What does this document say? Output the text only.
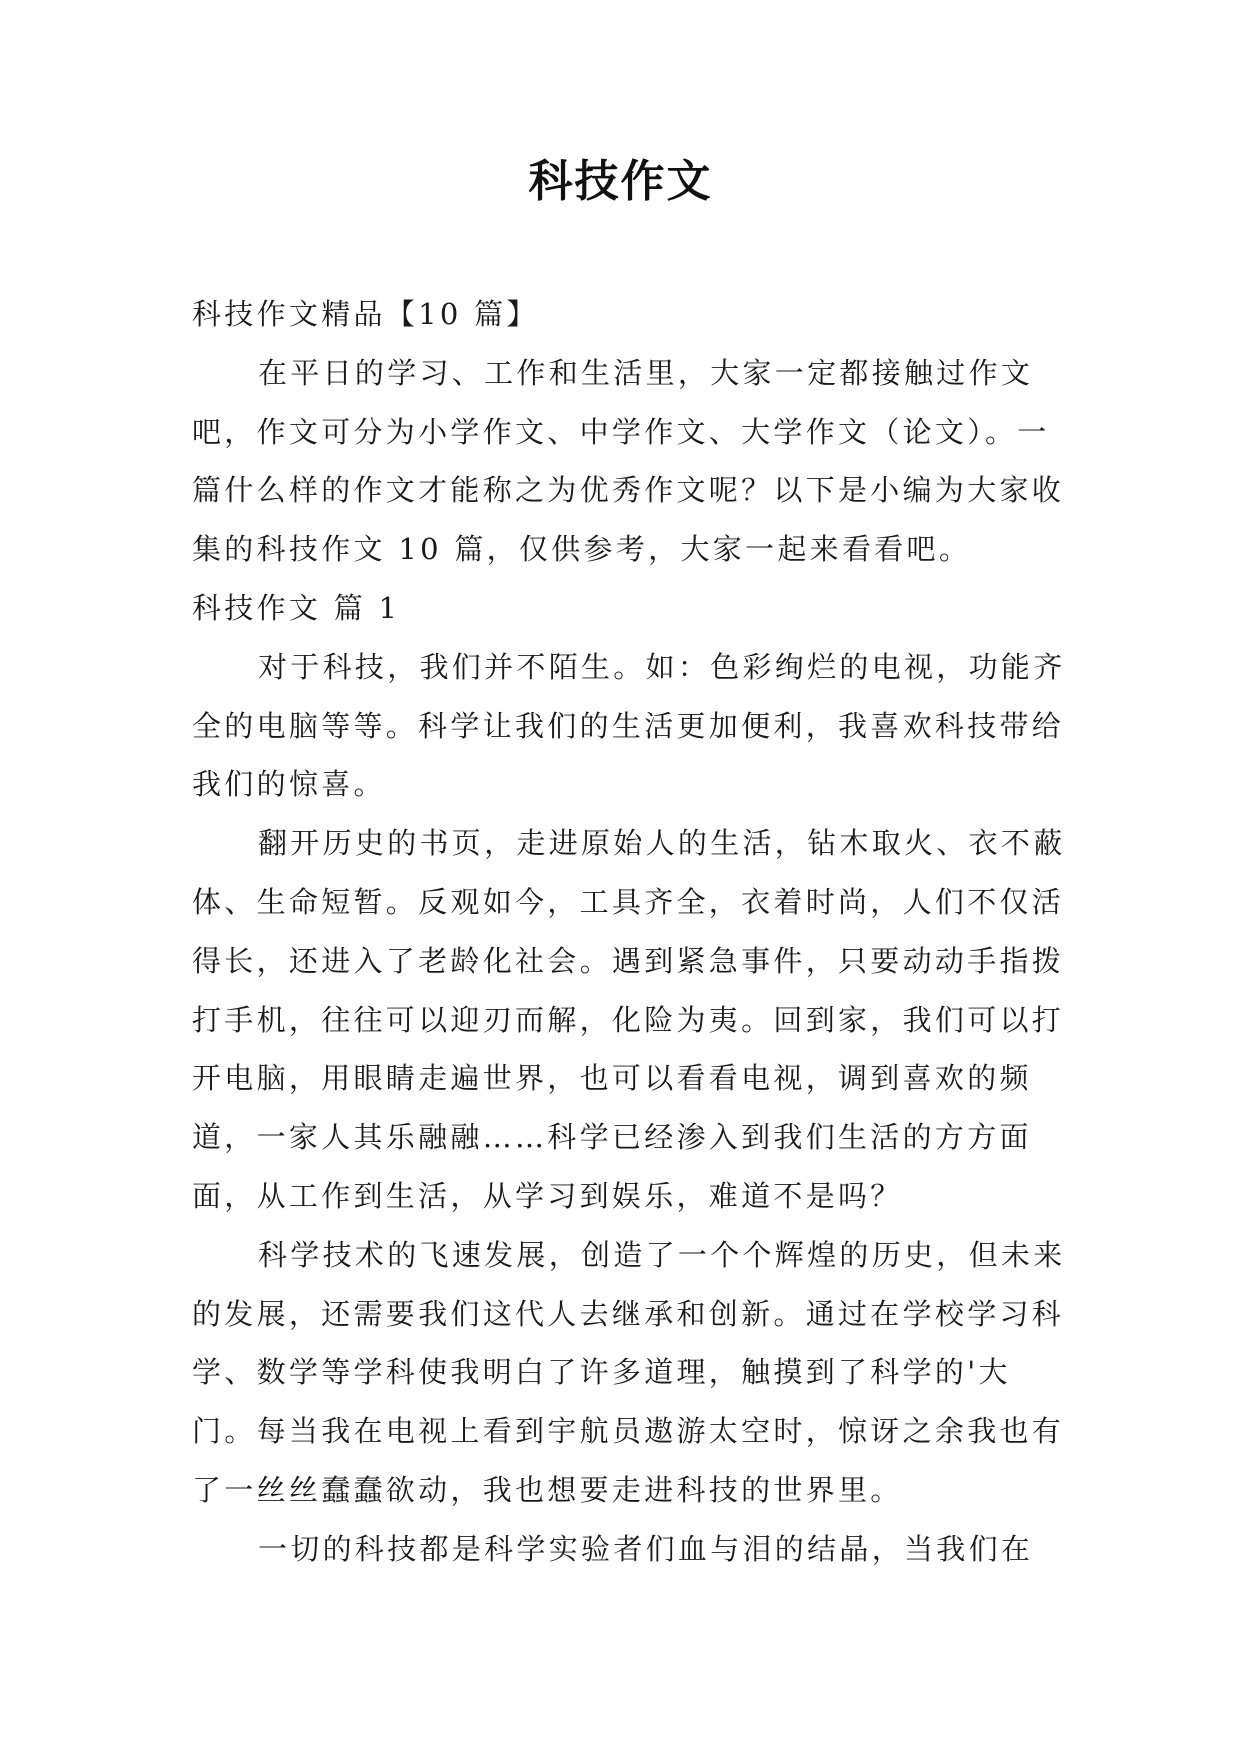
科技作文

科技作文精品【10 篇】

在平日的学习、工作和生活里，大家一定都接触过作文吧，作文可分为小学作文、中学作文、大学作文（论文）。一篇什么样的作文才能称之为优秀作文呢？以下是小编为大家收集的科技作文 10 篇，仅供参考，大家一起来看看吧。

科技作文 篇 1

对于科技，我们并不陌生。如：色彩绚烂的电视，功能齐全的电脑等等。科学让我们的生活更加便利，我喜欢科技带给我们的惊喜。

翻开历史的书页，走进原始人的生活，钻木取火、衣不蔽体、生命短暂。反观如今，工具齐全，衣着时尚，人们不仅活得长，还进入了老龄化社会。遇到紧急事件，只要动动手指拨打手机，往往可以迎刃而解，化险为夷。回到家，我们可以打开电脑，用眼睛走遍世界，也可以看看电视，调到喜欢的频道，一家人其乐融融……科学已经渗入到我们生活的方方面面，从工作到生活，从学习到娱乐，难道不是吗？

科学技术的飞速发展，创造了一个个辉煌的历史，但未来的发展，还需要我们这代人去继承和创新。通过在学校学习科学、数学等学科使我明白了许多道理，触摸到了科学的'大门。每当我在电视上看到宇航员遨游太空时，惊讶之余我也有了一丝丝蠢蠢欲动，我也想要走进科技的世界里。

一切的科技都是科学实验者们血与泪的结晶，当我们在
